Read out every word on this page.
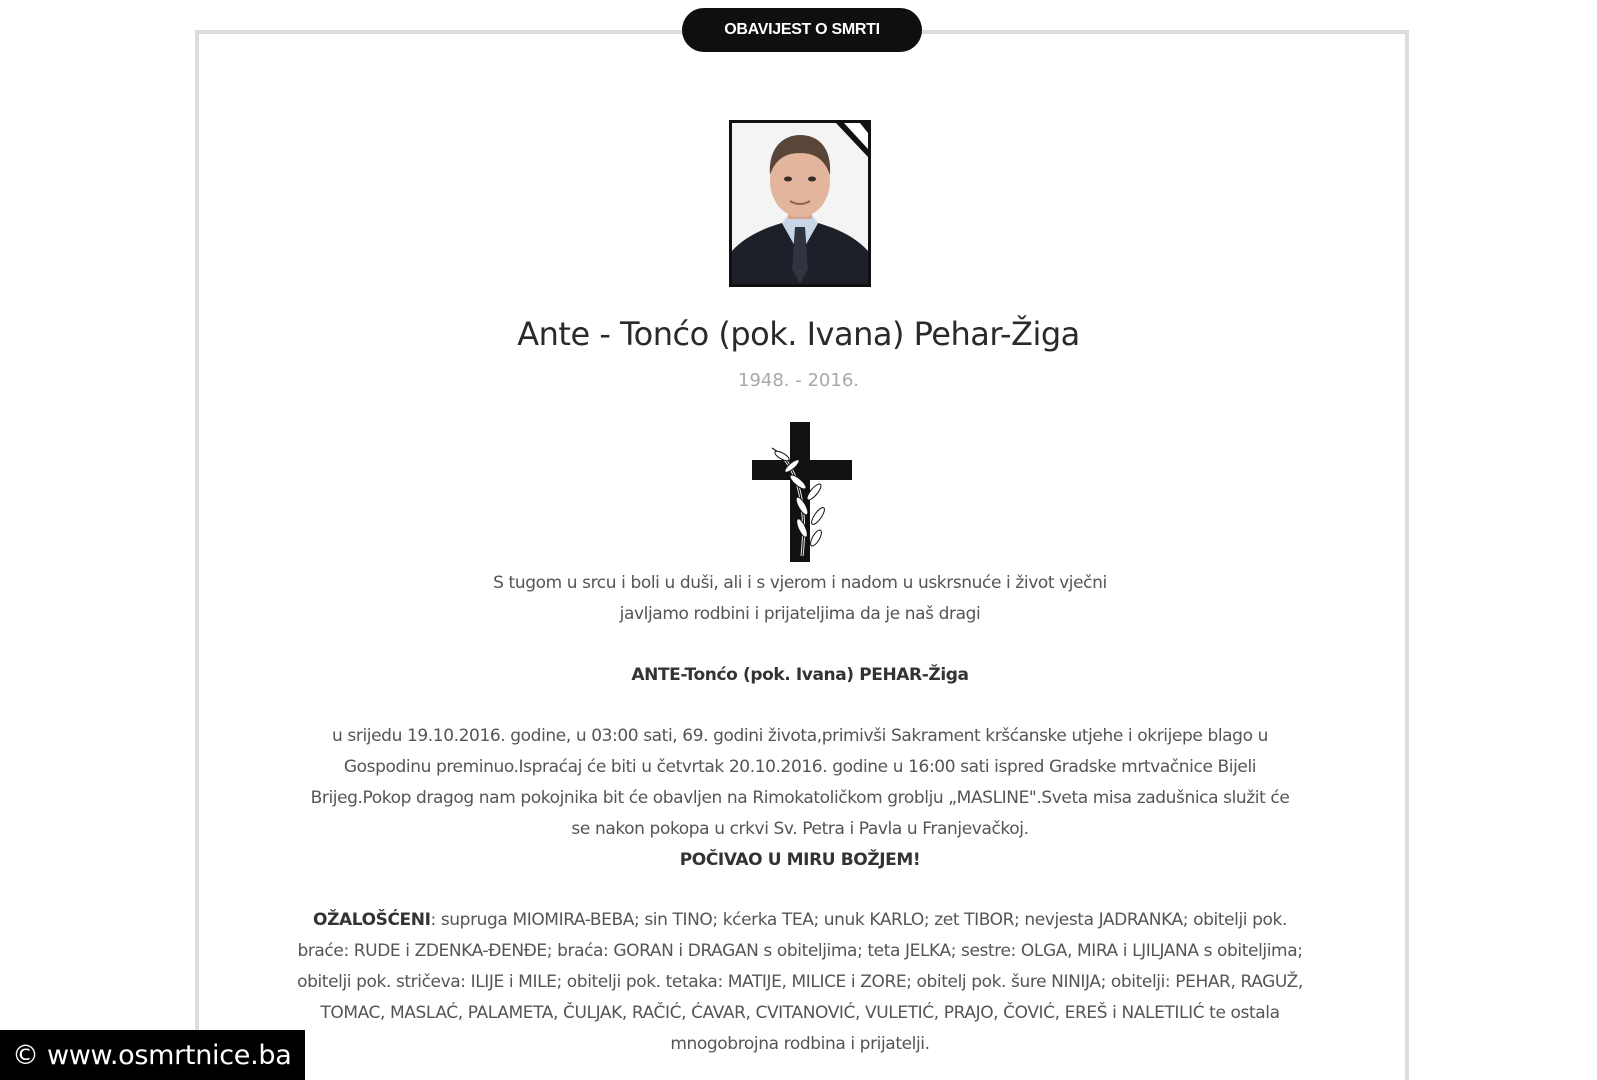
OBAVIJEST O SMRTI
Ante - Tonćo (pok. Ivana) Pehar-Žiga
1948. - 2016.
S tugom u srcu i boli u duši, ali i s vjerom i nadom u uskrsnuće i život vječni
javljamo rodbini i prijateljima da je naš dragi
ANTE-Tonćo (pok. Ivana) PEHAR-Žiga
u srijedu 19.10.2016. godine, u 03:00 sati, 69. godini života,primivši Sakrament kršćanske utjehe i okrijepe blago u
Gospodinu preminuo.Ispraćaj će biti u četvrtak 20.10.2016. godine u 16:00 sati ispred Gradske mrtvačnice Bijeli
Brijeg.Pokop dragog nam pokojnika bit će obavljen na Rimokatoličkom groblju „MASLINE".Sveta misa zadušnica služit će
se nakon pokopa u crkvi Sv. Petra i Pavla u Franjevačkoj.
POČIVAO U MIRU BOŽJEM!
OŽALOŠĆENI: supruga MIOMIRA-BEBA; sin TINO; kćerka TEA; unuk KARLO; zet TIBOR; nevjesta JADRANKA; obitelji pok. braće: RUDE i ZDENKA-ĐENĐE; braća: GORAN i DRAGAN s obiteljima; teta JELKA; sestre: OLGA, MIRA i LJILJANA s obiteljima; obitelji pok. stričeva: ILIJE i MILE; obitelji pok. tetaka: MATIJE, MILICE i ZORE; obitelj pok. šure NINIJA; obitelji: PEHAR, RAGUŽ, TOMAC, MASLAĆ, PALAMETA, ČULJAK, RAČIĆ, ĆAVAR, CVITANOVIĆ, VULETIĆ, PRAJO, ČOVIĆ, EREŠ i NALETILIĆ te ostala mnogobrojna rodbina i prijatelji.
© www.osmrtnice.ba
